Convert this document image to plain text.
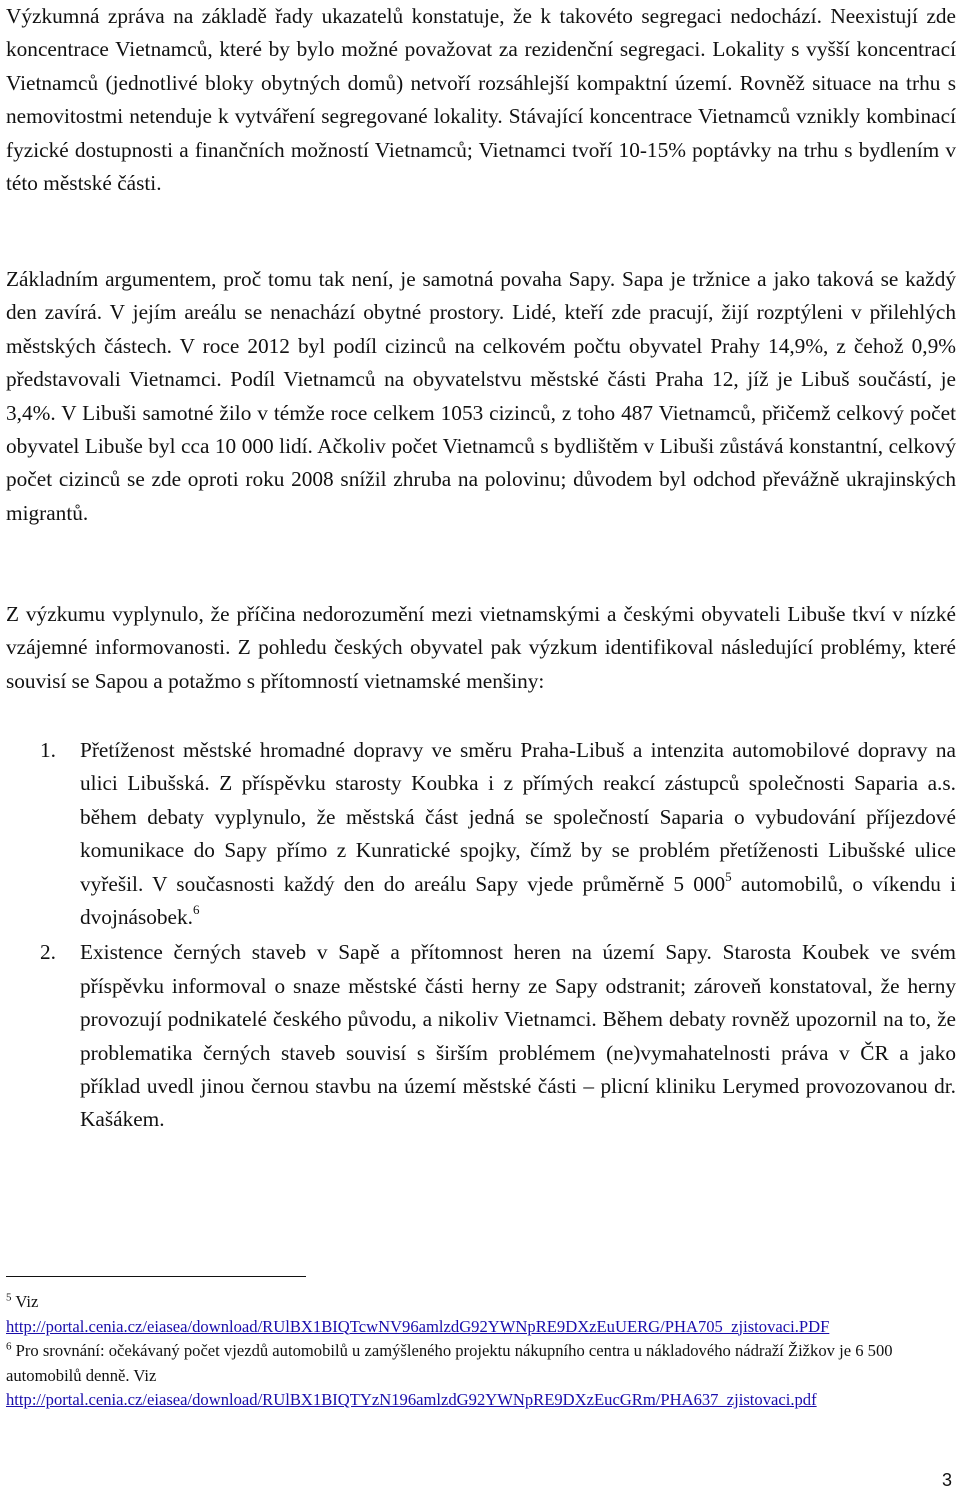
Výzkumná zpráva na základě řady ukazatelů konstatuje, že k takovéto segregaci nedochází. Neexistují zde koncentrace Vietnamců, které by bylo možné považovat za rezidenční segregaci. Lokality s vyšší koncentrací Vietnamců (jednotlivé bloky obytných domů) netvoří rozsáhlejší kompaktní území. Rovněž situace na trhu s nemovitostmi netenduje k vytváření segregované lokality. Stávající koncentrace Vietnamců vznikly kombinací fyzické dostupnosti a finančních možností Vietnamců; Vietnamci tvoří 10-15% poptávky na trhu s bydlením v této městské části.

Základním argumentem, proč tomu tak není, je samotná povaha Sapy. Sapa je tržnice a jako taková se každý den zavírá. V jejím areálu se nenachází obytné prostory. Lidé, kteří zde pracují, žijí rozptýleni v přilehlých městských částech. V roce 2012 byl podíl cizinců na celkovém počtu obyvatel Prahy 14,9%, z čehož 0,9% představovali Vietnamci. Podíl Vietnamců na obyvatelstvu městské části Praha 12, jíž je Libuš součástí, je 3,4%. V Libuši samotné žilo v témže roce celkem 1053 cizinců, z toho 487 Vietnamců, přičemž celkový počet obyvatel Libuše byl cca 10 000 lidí. Ačkoliv počet Vietnamců s bydlištěm v Libuši zůstává konstantní, celkový počet cizinců se zde oproti roku 2008 snížil zhruba na polovinu; důvodem byl odchod převážně ukrajinských migrantů.

Z výzkumu vyplynulo, že příčina nedorozumění mezi vietnamskými a českými obyvateli Libuše tkví v nízké vzájemné informovanosti. Z pohledu českých obyvatel pak výzkum identifikoval následující problémy, které souvisí se Sapou a potažmo s přítomností vietnamské menšiny:

1. Přetíženost městské hromadné dopravy ve směru Praha-Libuš a intenzita automobilové dopravy na ulici Libušská. Z příspěvku starosty Koubka i z přímých reakcí zástupců společnosti Saparia a.s. během debaty vyplynulo, že městská část jedná se společností Saparia o vybudování příjezdové komunikace do Sapy přímo z Kunratické spojky, čímž by se problém přetíženosti Libušské ulice vyřešil. V současnosti každý den do areálu Sapy vjede průměrně 5 $000^5$ automobilů, o víkendu i dvojnásobek.$^6$
2. Existence černých staveb v Sapě a přítomnost heren na území Sapy. Starosta Koubek ve svém příspěvku informoval o snaze městské části herny ze Sapy odstranit; zároveň konstatoval, že herny provozují podnikatelé českého původu, a nikoliv Vietnamci. Během debaty rovněž upozornil na to, že problematika černých staveb souvisí s širším problémem (ne)vymahatelnosti práva v ČR a jako příklad uvedl jinou černou stavbu na území městské části – plicní kliniku Lerymed provozovanou dr. Kašákem.

$^5$ Viz
http://portal.cenia.cz/eiasea/download/RUlBX1BIQTcwNV96amlzdG92YWNpRE9DXzEuUERG/PHA705_zjistovaci.PDF

$^6$ Pro srovnání: očekávaný počet vjezdů automobilů u zamýšleného projektu nákupního centra u nákladového nádraží Žižkov je 6 500 automobilů denně. Viz
http://portal.cenia.cz/eiasea/download/RUlBX1BIQTYzN196amlzdG92YWNpRE9DXzEucGRm/PHA637_zjistovaci.pdf

3
